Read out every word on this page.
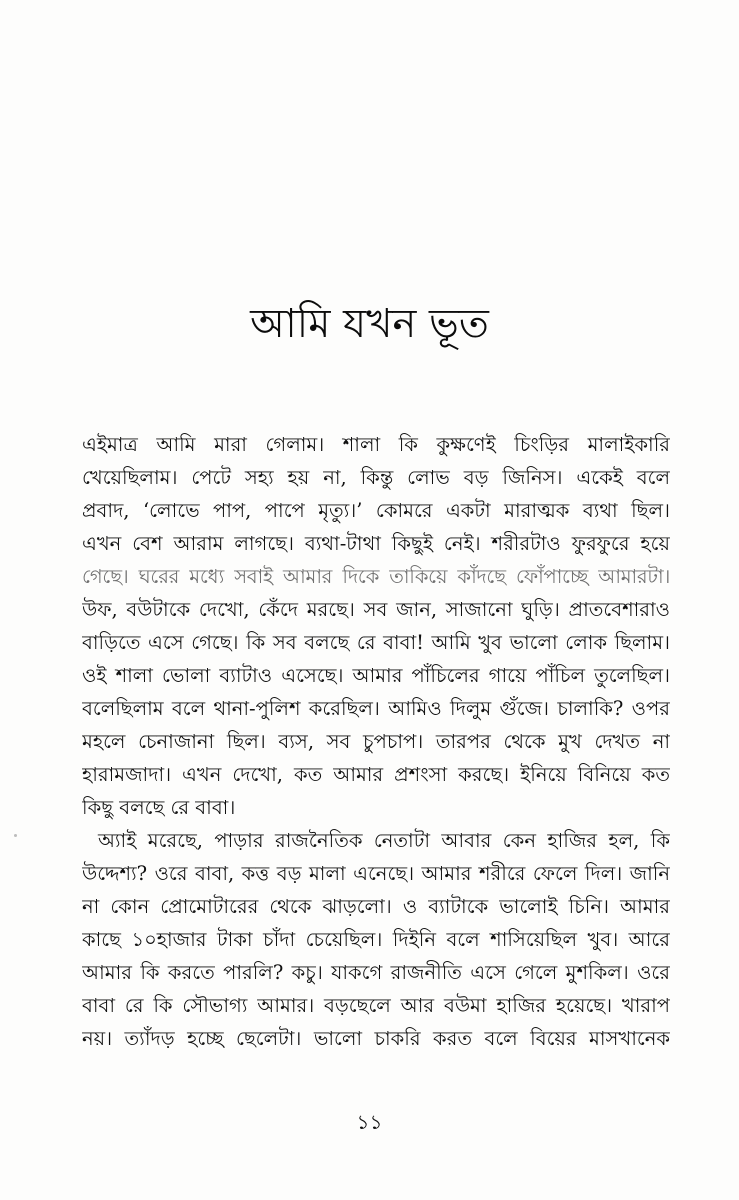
আমি যখন ভূত
এইমাত্র আমি মারা গেলাম। শালা কি কুক্ষণেই চিংড়ির মালাইকারি
খেয়েছিলাম। পেটে সহ্য হয় না, কিন্তু লোভ বড় জিনিস। একেই বলে
প্রবাদ, ‘লোভে পাপ, পাপে মৃত্যু।’ কোমরে একটা মারাত্মক ব্যথা ছিল।
এখন বেশ আরাম লাগছে। ব্যথা-টাথা কিছুই নেই। শরীরটাও ফুরফুরে হয়ে
গেছে। ঘরের মধ্যে সবাই আমার দিকে তাকিয়ে কাঁদছে ফোঁপাচ্ছে আমারটা।
উফ, বউটাকে দেখো, কেঁদে মরছে। সব জান, সাজানো ঘুড়ি। প্রাতবেশারাও
বাড়িতে এসে গেছে। কি সব বলছে রে বাবা! আমি খুব ভালো লোক ছিলাম।
ওই শালা ভোলা ব্যাটাও এসেছে। আমার পাঁচিলের গায়ে পাঁচিল তুলেছিল।
বলেছিলাম বলে থানা-পুলিশ করেছিল। আমিও দিলুম গুঁজে। চালাকি? ওপর
মহলে চেনাজানা ছিল। ব্যস, সব চুপচাপ। তারপর থেকে মুখ দেখত না
হারামজাদা। এখন দেখো, কত আমার প্রশংসা করছে। ইনিয়ে বিনিয়ে কত
কিছু বলছে রে বাবা।
অ্যাই মরেছে, পাড়ার রাজনৈতিক নেতাটা আবার কেন হাজির হল, কি
উদ্দেশ্য? ওরে বাবা, কত্ত বড় মালা এনেছে। আমার শরীরে ফেলে দিল। জানি
না কোন প্রোমোটারের থেকে ঝাড়লো। ও ব্যাটাকে ভালোই চিনি। আমার
কাছে ১০হাজার টাকা চাঁদা চেয়েছিল। দিইনি বলে শাসিয়েছিল খুব। আরে
আমার কি করতে পারলি? কচু। যাকগে রাজনীতি এসে গেলে মুশকিল। ওরে
বাবা রে কি সৌভাগ্য আমার। বড়ছেলে আর বউমা হাজির হয়েছে। খারাপ
নয়। ত্যাঁদড় হচ্ছে ছেলেটা। ভালো চাকরি করত বলে বিয়ের মাসখানেক
১১
